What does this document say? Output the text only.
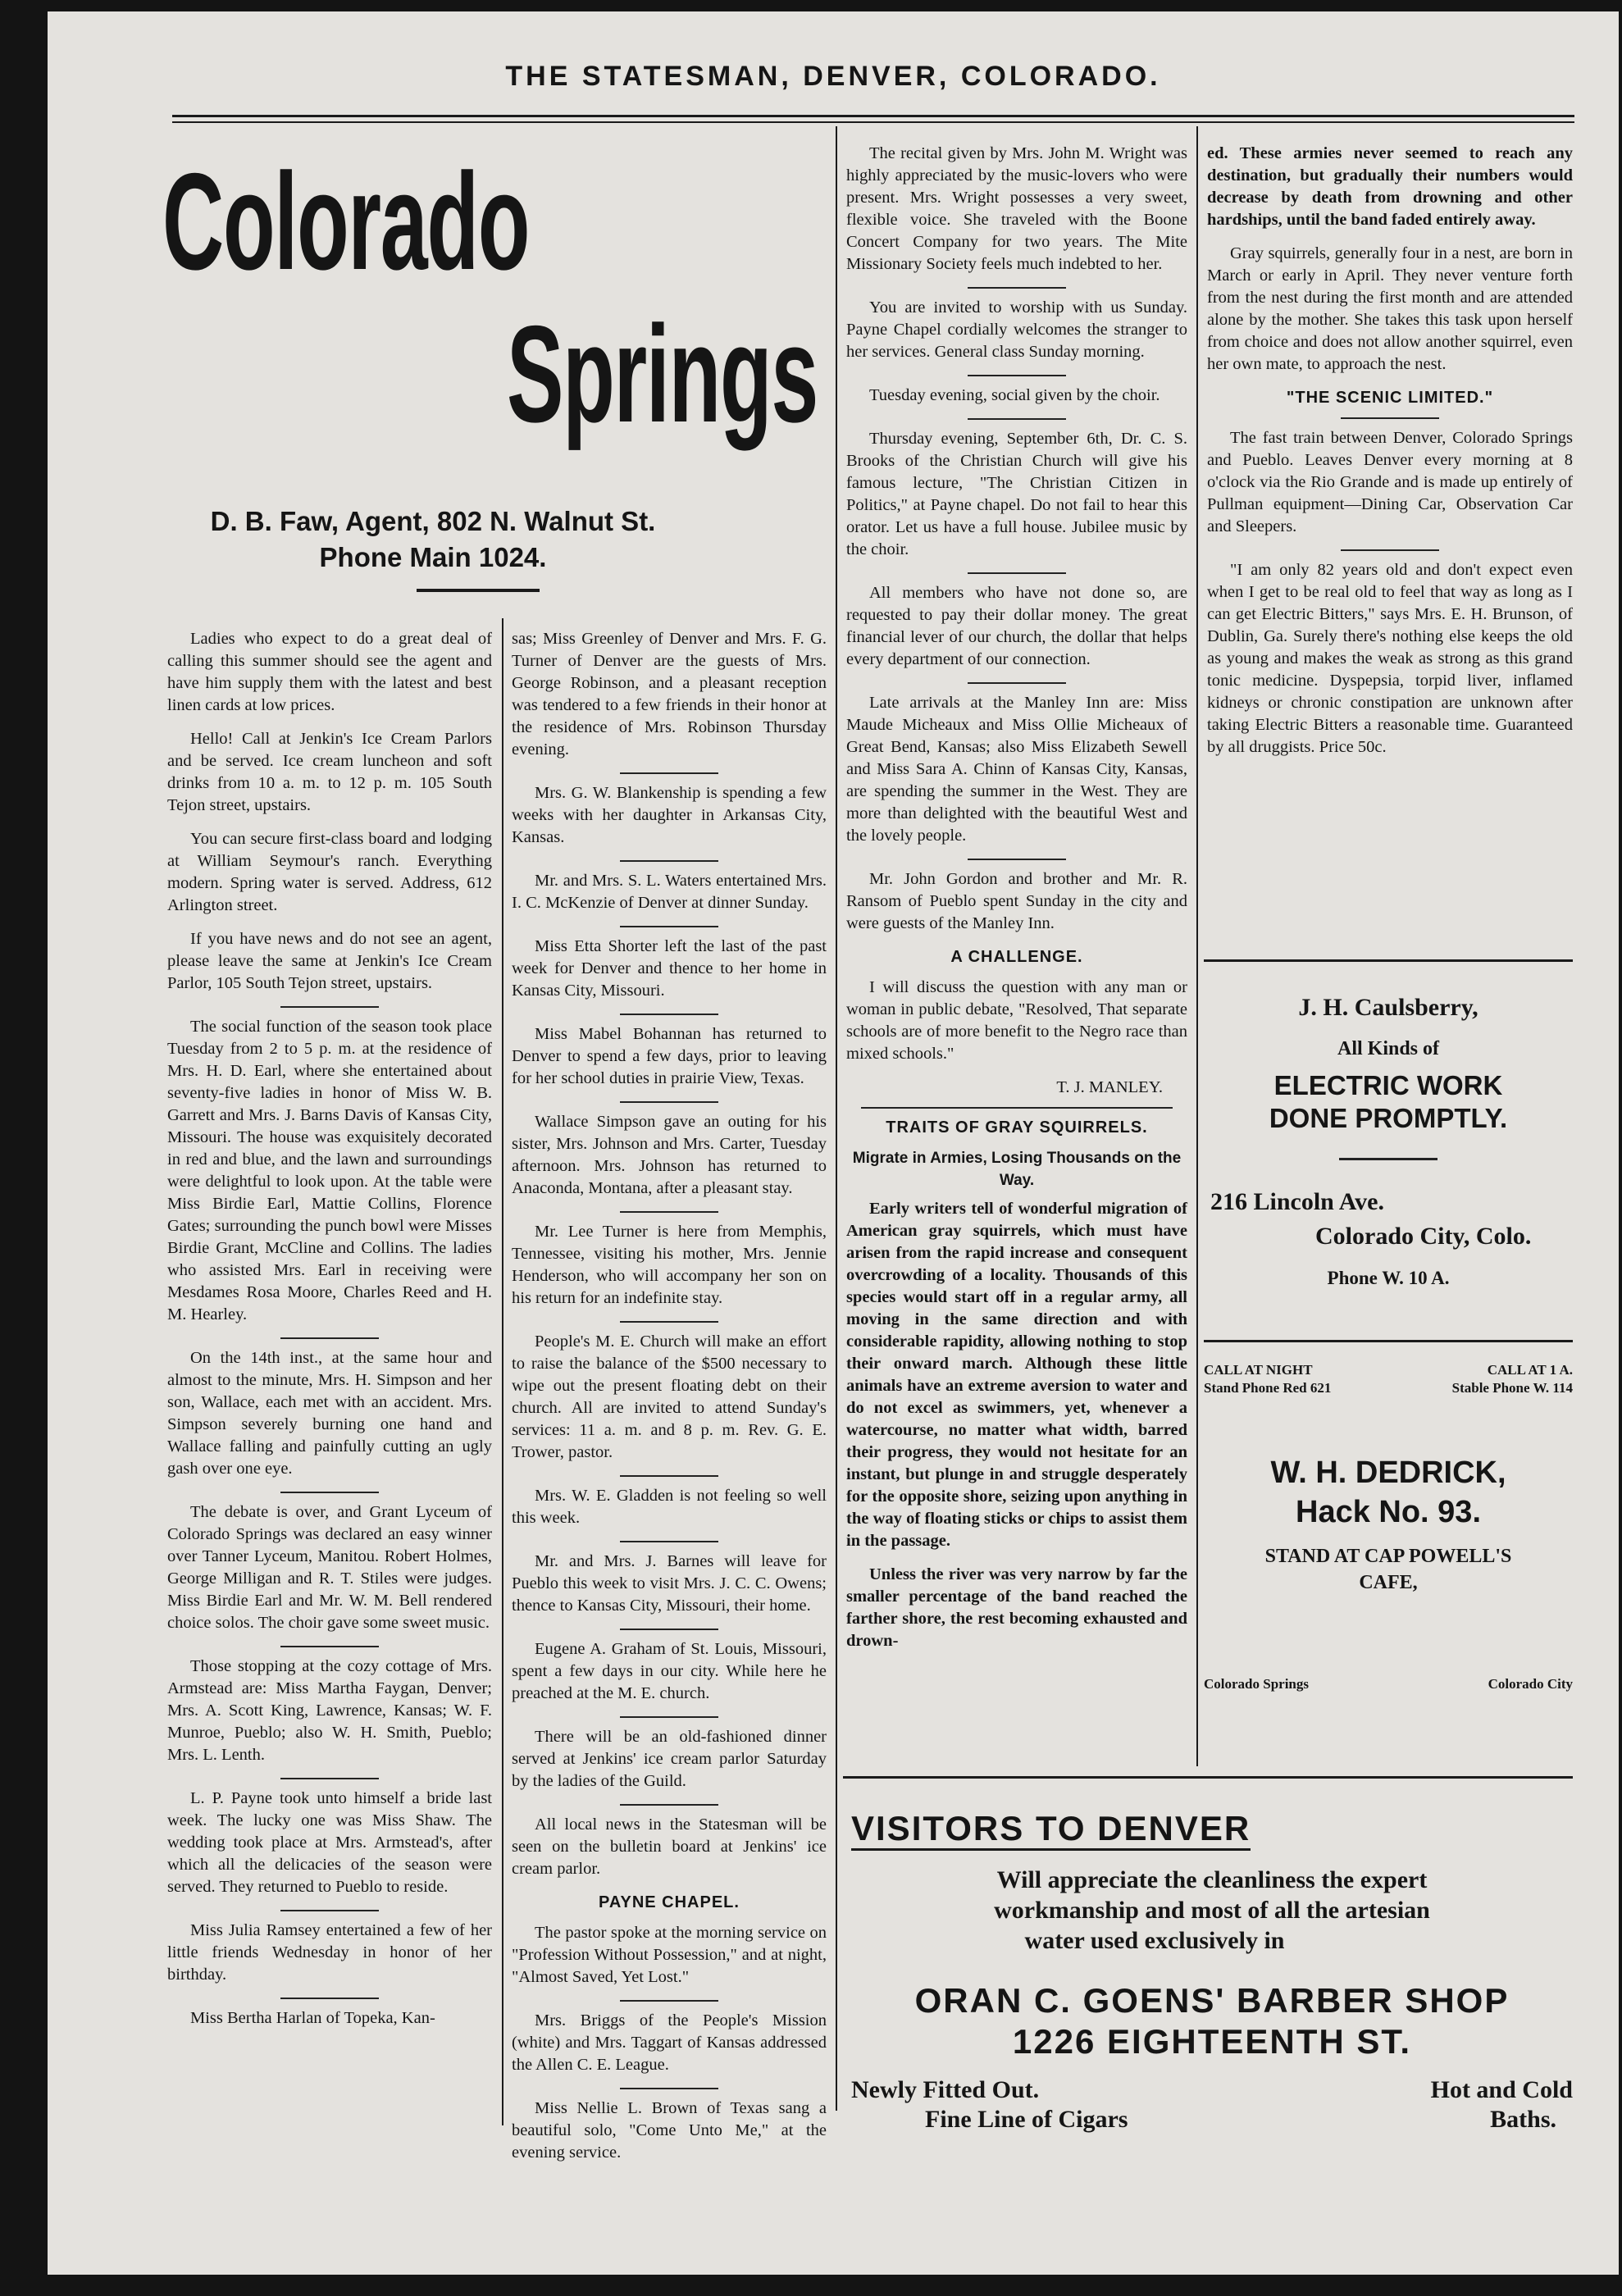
THE STATESMAN, DENVER, COLORADO.
Colorado
Springs
D. B. Faw, Agent, 802 N. Walnut St.
Phone Main 1024.

Ladies who expect to do a great deal of calling this summer should see the agent and have him supply them with the latest and best linen cards at low prices.

Hello! Call at Jenkin's Ice Cream Parlors and be served. Ice cream luncheon and soft drinks from 10 a. m. to 12 p. m. 105 South Tejon street, upstairs.

You can secure first-class board and lodging at William Seymour's ranch. Everything modern. Spring water is served. Address, 612 Arlington street.

If you have news and do not see an agent, please leave the same at Jenkin's Ice Cream Parlor, 105 South Tejon street, upstairs.

The social function of the season took place Tuesday from 2 to 5 p. m. at the residence of Mrs. H. D. Earl, where she entertained about seventy-five ladies in honor of Miss W. B. Garrett and Mrs. J. Barns Davis of Kansas City, Missouri. The house was exquisitely decorated in red and blue, and the lawn and surroundings were delightful to look upon. At the table were Miss Birdie Earl, Mattie Collins, Florence Gates; surrounding the punch bowl were Misses Birdie Grant, McCline and Collins. The ladies who assisted Mrs. Earl in receiving were Mesdames Rosa Moore, Charles Reed and H. M. Hearley.

On the 14th inst., at the same hour and almost to the minute, Mrs. H. Simpson and her son, Wallace, each met with an accident. Mrs. Simpson severely burning one hand and Wallace falling and painfully cutting an ugly gash over one eye.

The debate is over, and Grant Lyceum of Colorado Springs was declared an easy winner over Tanner Lyceum, Manitou. Robert Holmes, George Milligan and R. T. Stiles were judges. Miss Birdie Earl and Mr. W. M. Bell rendered choice solos. The choir gave some sweet music.

Those stopping at the cozy cottage of Mrs. Armstead are: Miss Martha Faygan, Denver; Mrs. A. Scott King, Lawrence, Kansas; W. F. Munroe, Pueblo; also W. H. Smith, Pueblo; Mrs. L. Lenth.

L. P. Payne took unto himself a bride last week. The lucky one was Miss Shaw. The wedding took place at Mrs. Armstead's, after which all the delicacies of the season were served. They returned to Pueblo to reside.

Miss Julia Ramsey entertained a few of her little friends Wednesday in honor of her birthday.

Miss Bertha Harlan of Topeka, Kan-

sas; Miss Greenley of Denver and Mrs. F. G. Turner of Denver are the guests of Mrs. George Robinson, and a pleasant reception was tendered to a few friends in their honor at the residence of Mrs. Robinson Thursday evening.

Mrs. G. W. Blankenship is spending a few weeks with her daughter in Arkansas City, Kansas.

Mr. and Mrs. S. L. Waters entertained Mrs. I. C. McKenzie of Denver at dinner Sunday.

Miss Etta Shorter left the last of the past week for Denver and thence to her home in Kansas City, Missouri.

Miss Mabel Bohannan has returned to Denver to spend a few days, prior to leaving for her school duties in prairie View, Texas.

Wallace Simpson gave an outing for his sister, Mrs. Johnson and Mrs. Carter, Tuesday afternoon. Mrs. Johnson has returned to Anaconda, Montana, after a pleasant stay.

Mr. Lee Turner is here from Memphis, Tennessee, visiting his mother, Mrs. Jennie Henderson, who will accompany her son on his return for an indefinite stay.

People's M. E. Church will make an effort to raise the balance of the $500 necessary to wipe out the present floating debt on their church. All are invited to attend Sunday's services: 11 a. m. and 8 p. m. Rev. G. E. Trower, pastor.

Mrs. W. E. Gladden is not feeling so well this week.

Mr. and Mrs. J. Barnes will leave for Pueblo this week to visit Mrs. J. C. C. Owens; thence to Kansas City, Missouri, their home.

Eugene A. Graham of St. Louis, Missouri, spent a few days in our city. While here he preached at the M. E. church.

There will be an old-fashioned dinner served at Jenkins' ice cream parlor Saturday by the ladies of the Guild.

All local news in the Statesman will be seen on the bulletin board at Jenkins' ice cream parlor.

PAYNE CHAPEL.

The pastor spoke at the morning service on "Profession Without Possession," and at night, "Almost Saved, Yet Lost."

Mrs. Briggs of the People's Mission (white) and Mrs. Taggart of Kansas addressed the Allen C. E. League.

Miss Nellie L. Brown of Texas sang a beautiful solo, "Come Unto Me," at the evening service.

The recital given by Mrs. John M. Wright was highly appreciated by the music-lovers who were present. Mrs. Wright possesses a very sweet, flexible voice. She traveled with the Boone Concert Company for two years. The Mite Missionary Society feels much indebted to her.

You are invited to worship with us Sunday. Payne Chapel cordially welcomes the stranger to her services. General class Sunday morning.

Tuesday evening, social given by the choir.

Thursday evening, September 6th, Dr. C. S. Brooks of the Christian Church will give his famous lecture, "The Christian Citizen in Politics," at Payne chapel. Do not fail to hear this orator. Let us have a full house. Jubilee music by the choir.

All members who have not done so, are requested to pay their dollar money. The great financial lever of our church, the dollar that helps every department of our connection.

Late arrivals at the Manley Inn are: Miss Maude Micheaux and Miss Ollie Micheaux of Great Bend, Kansas; also Miss Elizabeth Sewell and Miss Sara A. Chinn of Kansas City, Kansas, are spending the summer in the West. They are more than delighted with the beautiful West and the lovely people.

Mr. John Gordon and brother and Mr. R. Ransom of Pueblo spent Sunday in the city and were guests of the Manley Inn.

A CHALLENGE.

I will discuss the question with any man or woman in public debate, "Resolved, That separate schools are of more benefit to the Negro race than mixed schools."

T. J. MANLEY.
TRAITS OF GRAY SQUIRRELS.
Migrate in Armies, Losing Thousands on the Way.

Early writers tell of wonderful migration of American gray squirrels, which must have arisen from the rapid increase and consequent overcrowding of a locality. Thousands of this species would start off in a regular army, all moving in the same direction and with considerable rapidity, allowing nothing to stop their onward march. Although these little animals have an extreme aversion to water and do not excel as swimmers, yet, whenever a watercourse, no matter what width, barred their progress, they would not hesitate for an instant, but plunge in and struggle desperately for the opposite shore, seizing upon anything in the way of floating sticks or chips to assist them in the passage.

Unless the river was very narrow by far the smaller percentage of the band reached the farther shore, the rest becoming exhausted and drown-

ed. These armies never seemed to reach any destination, but gradually their numbers would decrease by death from drowning and other hardships, until the band faded entirely away.

Gray squirrels, generally four in a nest, are born in March or early in April. They never venture forth from the nest during the first month and are attended alone by the mother. She takes this task upon herself from choice and does not allow another squirrel, even her own mate, to approach the nest.

"THE SCENIC LIMITED."

The fast train between Denver, Colorado Springs and Pueblo. Leaves Denver every morning at 8 o'clock via the Rio Grande and is made up entirely of Pullman equipment—Dining Car, Observation Car and Sleepers.

"I am only 82 years old and don't expect even when I get to be real old to feel that way as long as I can get Electric Bitters," says Mrs. E. H. Brunson, of Dublin, Ga. Surely there's nothing else keeps the old as young and makes the weak as strong as this grand tonic medicine. Dyspepsia, torpid liver, inflamed kidneys or chronic constipation are unknown after taking Electric Bitters a reasonable time. Guaranteed by all druggists. Price 50c.

J. H. Caulsberry,
All Kinds of
ELECTRIC WORK
DONE PROMPTLY.
216 Lincoln Ave.
Colorado City, Colo.
Phone W. 10 A.
CALL AT NIGHT
Stand Phone Red 621
CALL AT 1 A.
Stable Phone W. 114
W. H. DEDRICK,
Hack No. 93.
STAND AT CAP POWELL'S
CAFE,
Colorado Springs	Colorado City
VISITORS TO DENVER
Will appreciate the cleanliness the expert
workmanship and most of all the artesian
water used exclusively in
ORAN C. GOENS' BARBER SHOP
1226 EIGHTEENTH ST.
Newly Fitted Out.
Fine Line of Cigars
Hot and Cold
Baths.
